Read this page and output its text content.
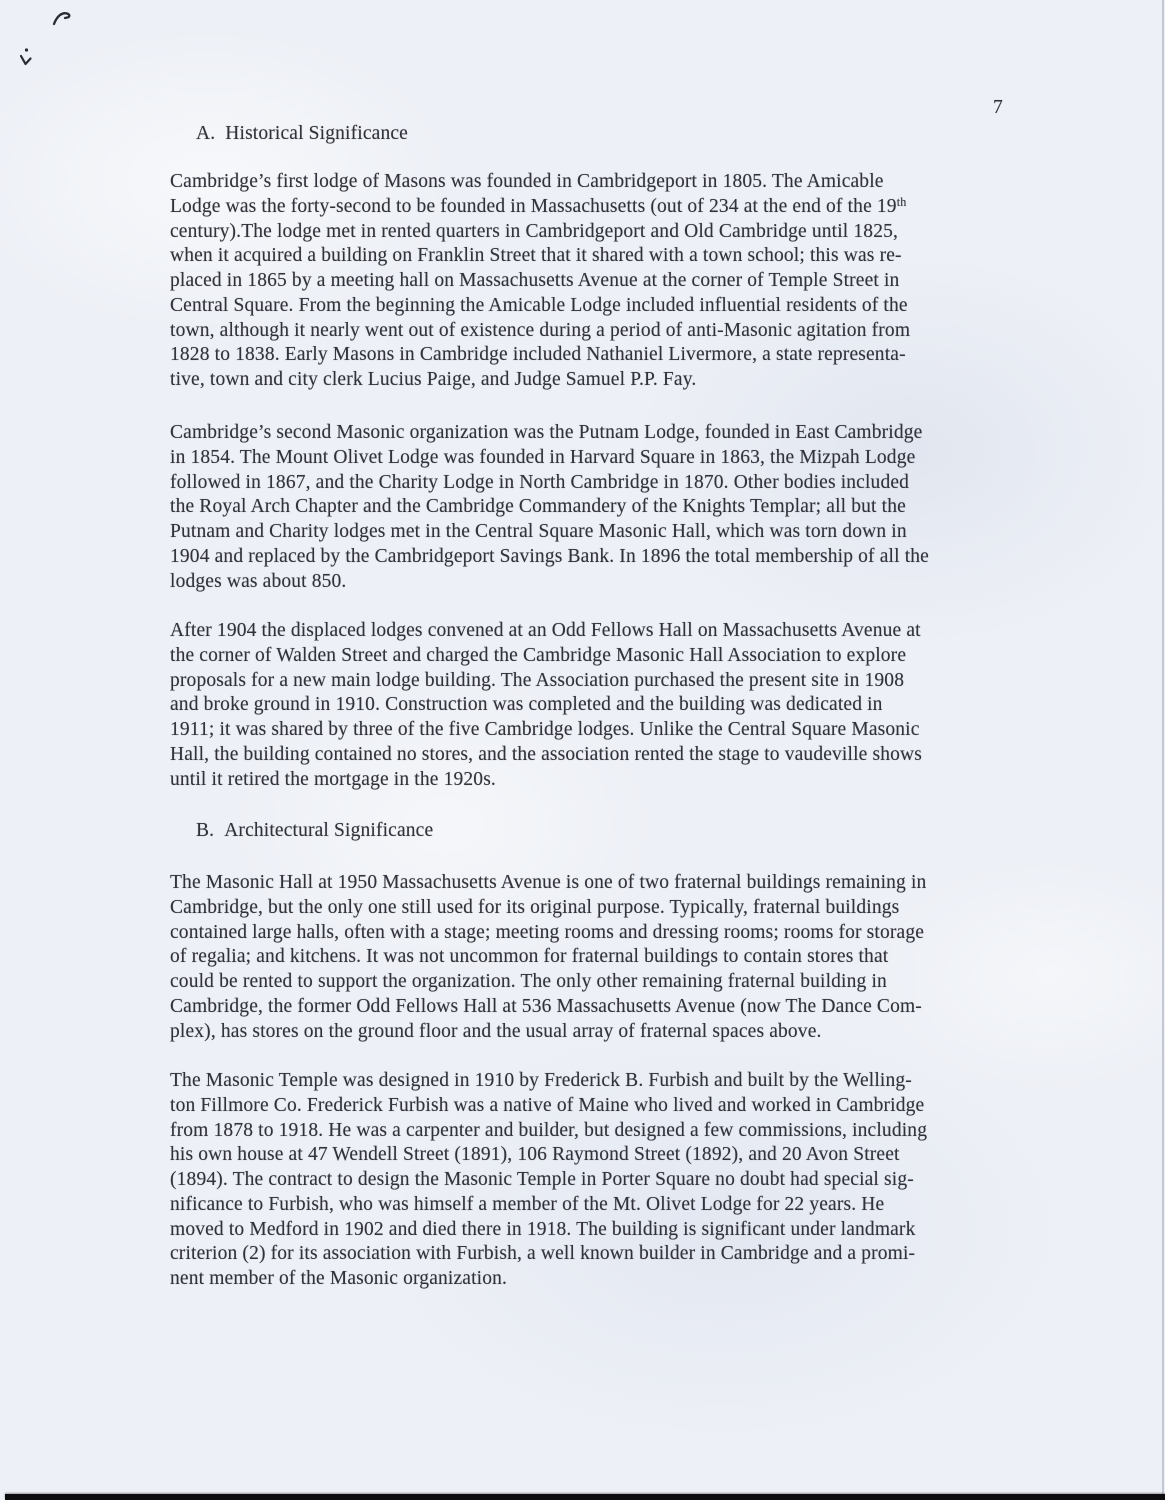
7
A. Historical Significance
Cambridge’s first lodge of Masons was founded in Cambridgeport in 1805. The Amicable
Lodge was the forty-second to be founded in Massachusetts (out of 234 at the end of the 19th
century).The lodge met in rented quarters in Cambridgeport and Old Cambridge until 1825,
when it acquired a building on Franklin Street that it shared with a town school; this was re-
placed in 1865 by a meeting hall on Massachusetts Avenue at the corner of Temple Street in
Central Square. From the beginning the Amicable Lodge included influential residents of the
town, although it nearly went out of existence during a period of anti-Masonic agitation from
1828 to 1838. Early Masons in Cambridge included Nathaniel Livermore, a state representa-
tive, town and city clerk Lucius Paige, and Judge Samuel P.P. Fay.
Cambridge’s second Masonic organization was the Putnam Lodge, founded in East Cambridge
in 1854. The Mount Olivet Lodge was founded in Harvard Square in 1863, the Mizpah Lodge
followed in 1867, and the Charity Lodge in North Cambridge in 1870. Other bodies included
the Royal Arch Chapter and the Cambridge Commandery of the Knights Templar; all but the
Putnam and Charity lodges met in the Central Square Masonic Hall, which was torn down in
1904 and replaced by the Cambridgeport Savings Bank. In 1896 the total membership of all the
lodges was about 850.
After 1904 the displaced lodges convened at an Odd Fellows Hall on Massachusetts Avenue at
the corner of Walden Street and charged the Cambridge Masonic Hall Association to explore
proposals for a new main lodge building. The Association purchased the present site in 1908
and broke ground in 1910. Construction was completed and the building was dedicated in
1911; it was shared by three of the five Cambridge lodges. Unlike the Central Square Masonic
Hall, the building contained no stores, and the association rented the stage to vaudeville shows
until it retired the mortgage in the 1920s.
B. Architectural Significance
The Masonic Hall at 1950 Massachusetts Avenue is one of two fraternal buildings remaining in
Cambridge, but the only one still used for its original purpose. Typically, fraternal buildings
contained large halls, often with a stage; meeting rooms and dressing rooms; rooms for storage
of regalia; and kitchens. It was not uncommon for fraternal buildings to contain stores that
could be rented to support the organization. The only other remaining fraternal building in
Cambridge, the former Odd Fellows Hall at 536 Massachusetts Avenue (now The Dance Com-
plex), has stores on the ground floor and the usual array of fraternal spaces above.
The Masonic Temple was designed in 1910 by Frederick B. Furbish and built by the Welling-
ton Fillmore Co. Frederick Furbish was a native of Maine who lived and worked in Cambridge
from 1878 to 1918. He was a carpenter and builder, but designed a few commissions, including
his own house at 47 Wendell Street (1891), 106 Raymond Street (1892), and 20 Avon Street
(1894). The contract to design the Masonic Temple in Porter Square no doubt had special sig-
nificance to Furbish, who was himself a member of the Mt. Olivet Lodge for 22 years. He
moved to Medford in 1902 and died there in 1918. The building is significant under landmark
criterion (2) for its association with Furbish, a well known builder in Cambridge and a promi-
nent member of the Masonic organization.
